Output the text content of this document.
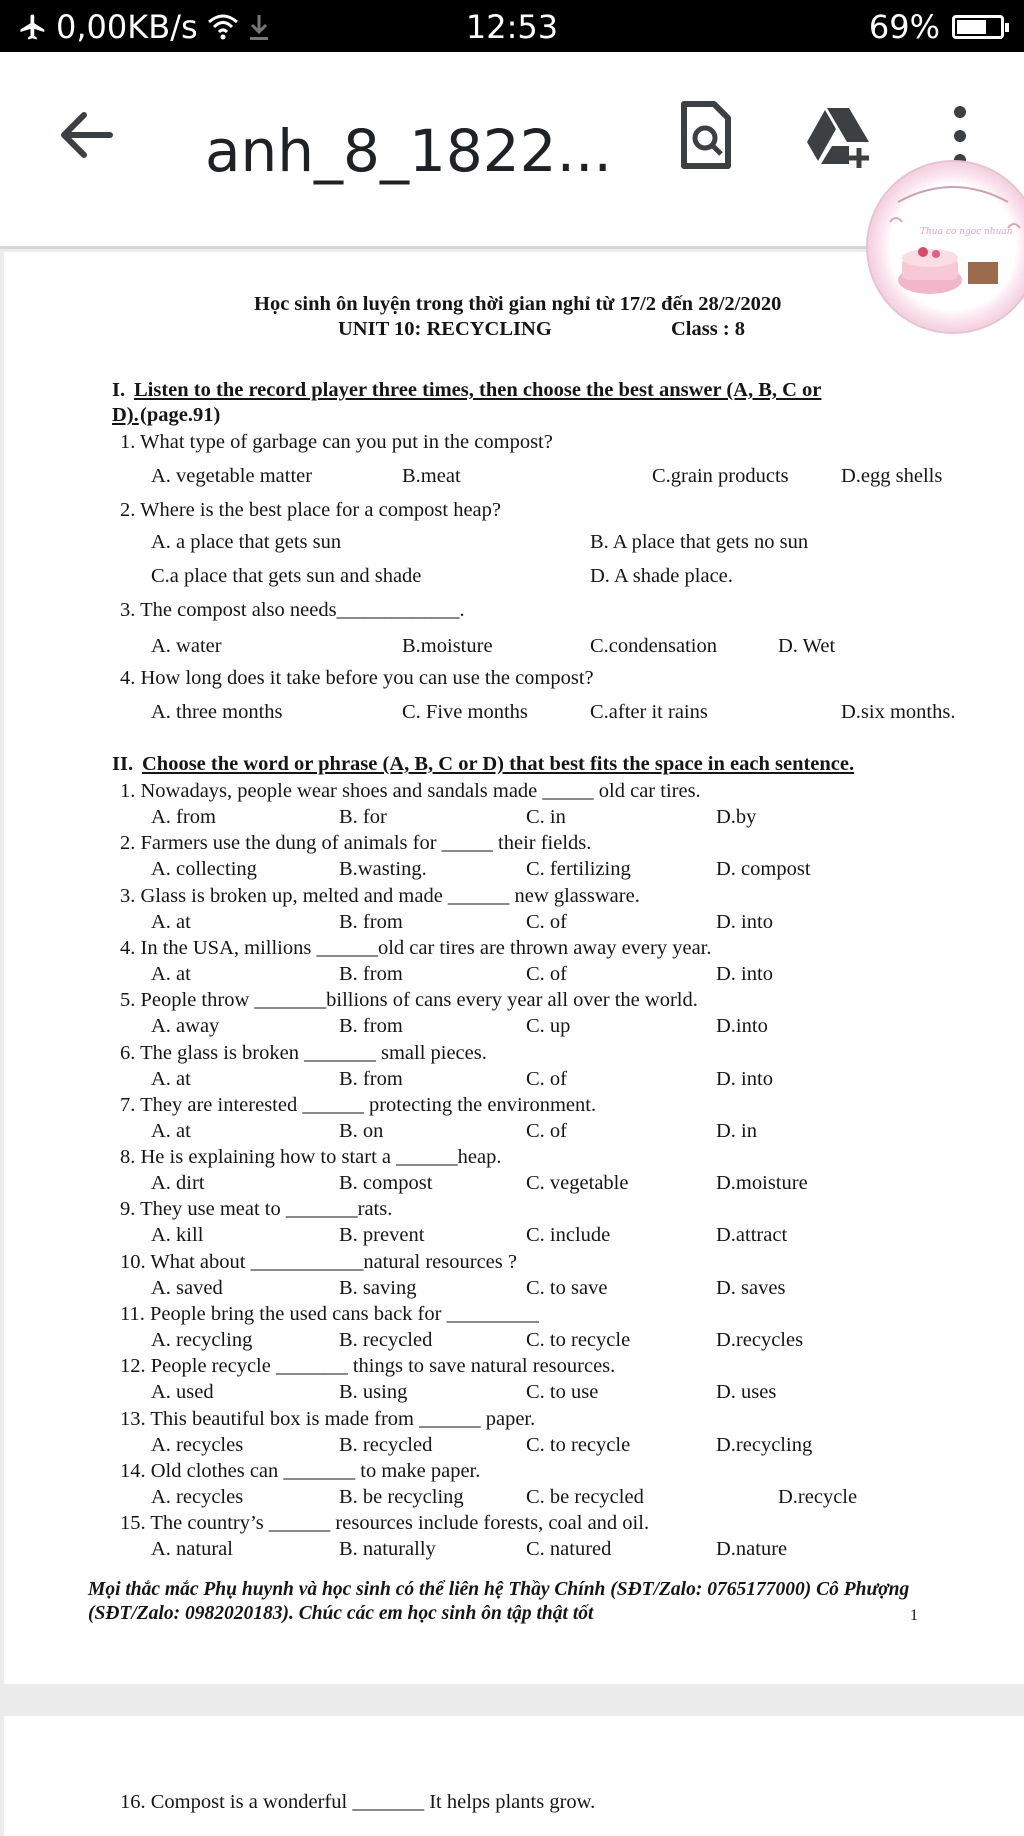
0,00KB/s	12:53	69%
anh_8_1822...
Thua co ngoc nhuan
Học sinh ôn luyện trong thời gian nghỉ từ 17/2 đến 28/2/2020
UNIT 10: RECYCLING	Class : 8
I. Listen to the record player three times, then choose the best answer (A, B, C or
D). (page.91)
1. What type of garbage can you put in the compost?
A. vegetable matter	B.meat	C.grain products	D.egg shells
2. Where is the best place for a compost heap?
A. a place that gets sun	B. A place that gets no sun
C.a place that gets sun and shade	D. A shade place.
3. The compost also needs____________.
A. water	B.moisture	C.condensation	D. Wet
4. How long does it take before you can use the compost?
A. three months	C. Five months	C.after it rains	D.six months.
II. Choose the word or phrase (A, B, C or D) that best fits the space in each sentence.
1. Nowadays, people wear shoes and sandals made _____ old car tires.
A. from	B. for	C. in	D.by
2. Farmers use the dung of animals for _____ their fields.
A. collecting	B.wasting.	C. fertilizing	D. compost
3. Glass is broken up, melted and made ______ new glassware.
A. at	B. from	C. of	D. into
4. In the USA, millions ______old car tires are thrown away every year.
A. at	B. from	C. of	D. into
5. People throw _______billions of cans every year all over the world.
A. away	B. from	C. up	D.into
6. The glass is broken _______ small pieces.
A. at	B. from	C. of	D. into
7. They are interested ______ protecting the environment.
A. at	B. on	C. of	D. in
8. He is explaining how to start a ______heap.
A. dirt	B. compost	C. vegetable	D.moisture
9. They use meat to _______rats.
A. kill	B. prevent	C. include	D.attract
10. What about ___________natural resources ?
A. saved	B. saving	C. to save	D. saves
11. People bring the used cans back for _________
A. recycling	B. recycled	C. to recycle	D.recycles
12. People recycle _______ things to save natural resources.
A. used	B. using	C. to use	D. uses
13. This beautiful box is made from ______ paper.
A. recycles	B. recycled	C. to recycle	D.recycling
14. Old clothes can _______ to make paper.
A. recycles	B. be recycling	C. be recycled	D.recycle
15. The country’s ______ resources include forests, coal and oil.
A. natural	B. naturally	C. natured	D.nature
Mọi thắc mắc Phụ huynh và học sinh có thể liên hệ Thầy Chính (SĐT/Zalo: 0765177000) Cô Phượng
(SĐT/Zalo: 0982020183). Chúc các em học sinh ôn tập thật tốt	1
16. Compost is a wonderful _______ It helps plants grow.
